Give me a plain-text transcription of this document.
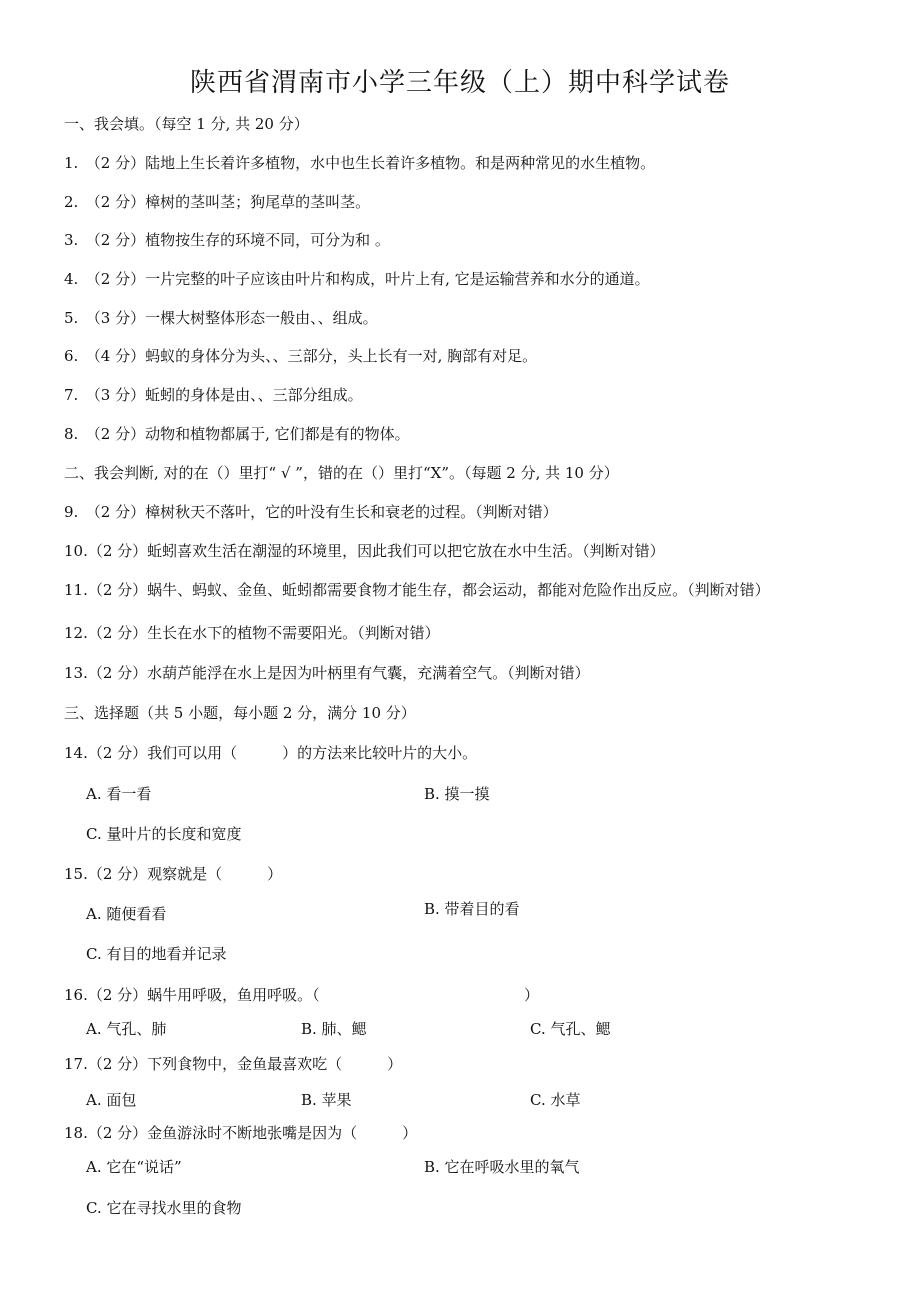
陕西省渭南市小学三年级（上）期中科学试卷
一、我会填。（每空 1 分, 共 20 分）
1.　（2 分）陆地上生长着许多植物，水中也生长着许多植物。和是两种常见的水生植物。
2.　（2 分）樟树的茎叫茎；狗尾草的茎叫茎。
3.　（2 分）植物按生存的环境不同，可分为和 。
4.　（2 分）一片完整的叶子应该由叶片和构成，叶片上有, 它是运输营养和水分的通道。
5.　（3 分）一棵大树整体形态一般由、、组成。
6.　（4 分）蚂蚁的身体分为头、、三部分，头上长有一对, 胸部有对足。
7.　（3 分）蚯蚓的身体是由、、三部分组成。
8.　（2 分）动物和植物都属于, 它们都是有的物体。
二、我会判断, 对的在（）里打“ √ ”，错的在（）里打“X”。（每题 2 分, 共 10 分）
9.　（2 分）樟树秋天不落叶，它的叶没有生长和衰老的过程。（判断对错）
10.（2 分）蚯蚓喜欢生活在潮湿的环境里，因此我们可以把它放在水中生活。（判断对错）
11.（2 分）蜗牛、蚂蚁、金鱼、蚯蚓都需要食物才能生存，都会运动，都能对危险作出反应。（判断对错）
12.（2 分）生长在水下的植物不需要阳光。（判断对错）
13.（2 分）水葫芦能浮在水上是因为叶柄里有气囊，充满着空气。（判断对错）
三、选择题（共 5 小题，每小题 2 分，满分 10 分）
14.（2 分）我们可以用（　　　）的方法来比较叶片的大小。
A. 看一看	B. 摸一摸
C. 量叶片的长度和宽度
15.（2 分）观察就是（　　　）
A. 随便看看	B. 带着目的看
C. 有目的地看并记录
16.（2 分）蜗牛用呼吸，鱼用呼吸。（	）
A. 气孔、肺	B. 肺、鳃	C. 气孔、鳃
17.（2 分）下列食物中，金鱼最喜欢吃（　　　）
A. 面包	B. 苹果	C. 水草
18.（2 分）金鱼游泳时不断地张嘴是因为（　　　）
A. 它在“说话”	B. 它在呼吸水里的氧气
C. 它在寻找水里的食物
